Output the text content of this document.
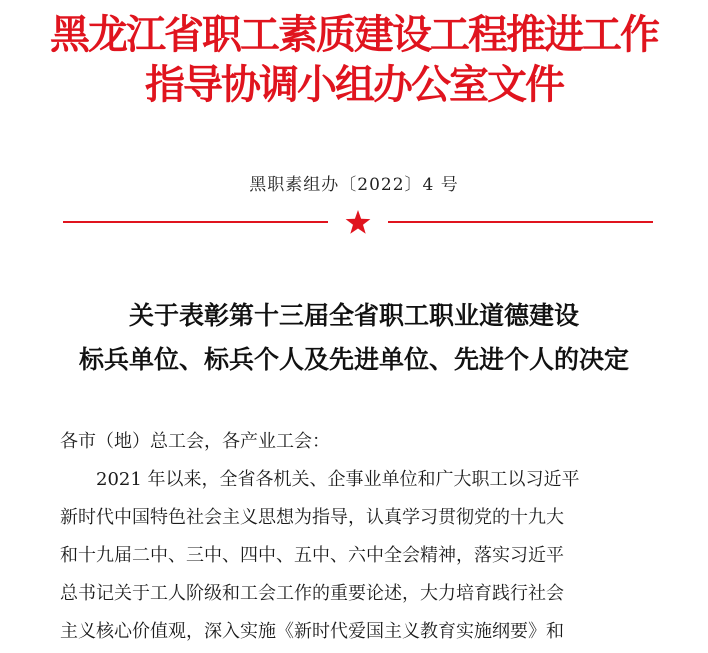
黑龙江省职工素质建设工程推进工作
指导协调小组办公室文件
黑职素组办〔2022〕4 号
关于表彰第十三届全省职工职业道德建设
标兵单位、标兵个人及先进单位、先进个人的决定
各市（地）总工会，各产业工会：
2021 年以来，全省各机关、企事业单位和广大职工以习近平
新时代中国特色社会主义思想为指导，认真学习贯彻党的十九大
和十九届二中、三中、四中、五中、六中全会精神，落实习近平
总书记关于工人阶级和工会工作的重要论述，大力培育践行社会
主义核心价值观，深入实施《新时代爱国主义教育实施纲要》和
